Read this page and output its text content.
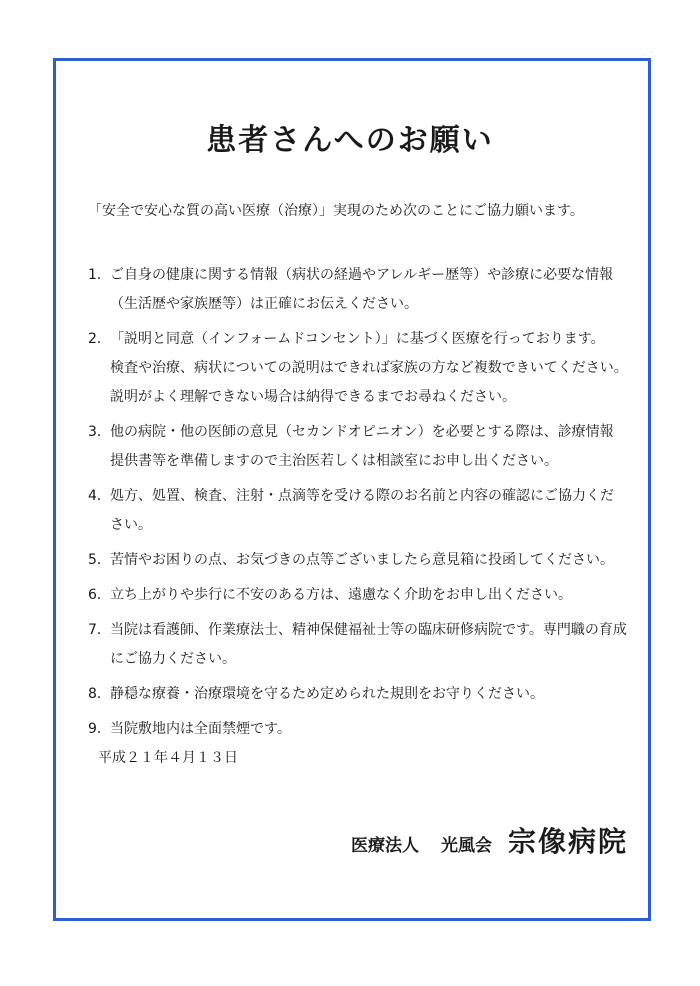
患者さんへのお願い
「安全で安心な質の高い医療（治療）」実現のため次のことにご協力願います。
1． ご自身の健康に関する情報（病状の経過やアレルギー歴等）や診療に必要な情報
（生活歴や家族歴等）は正確にお伝えください。
2． 「説明と同意（インフォームドコンセント）」に基づく医療を行っております。
検査や治療、病状についての説明はできれば家族の方など複数できいてください。
説明がよく理解できない場合は納得できるまでお尋ねください。
3． 他の病院・他の医師の意見（セカンドオピニオン）を必要とする際は、診療情報
提供書等を準備しますので主治医若しくは相談室にお申し出ください。
4． 処方、処置、検査、注射・点滴等を受ける際のお名前と内容の確認にご協力くだ
さい。
5． 苦情やお困りの点、お気づきの点等ございましたら意見箱に投函してください。
6． 立ち上がりや歩行に不安のある方は、遠慮なく介助をお申し出ください。
7． 当院は看護師、作業療法士、精神保健福祉士等の臨床研修病院です。専門職の育成
にご協力ください。
8． 静穏な療養・治療環境を守るため定められた規則をお守りください。
9． 当院敷地内は全面禁煙です。
平成２１年４月１３日
医療法人 光風会 宗像病院
